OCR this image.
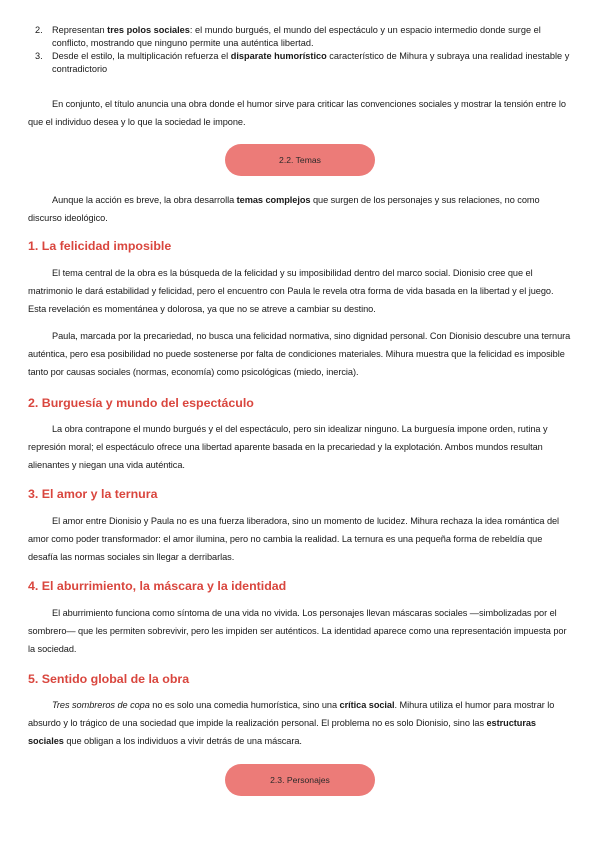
2. Representan tres polos sociales: el mundo burgués, el mundo del espectáculo y un espacio intermedio donde surge el conflicto, mostrando que ninguno permite una auténtica libertad.
3. Desde el estilo, la multiplicación refuerza el disparate humorístico característico de Mihura y subraya una realidad inestable y contradictorio

En conjunto, el título anuncia una obra donde el humor sirve para criticar las convenciones sociales y mostrar la tensión entre lo que el individuo desea y lo que la sociedad le impone.

2.2. Temas

Aunque la acción es breve, la obra desarrolla temas complejos que surgen de los personajes y sus relaciones, no como discurso ideológico.

1. La felicidad imposible

El tema central de la obra es la búsqueda de la felicidad y su imposibilidad dentro del marco social. Dionisio cree que el matrimonio le dará estabilidad y felicidad, pero el encuentro con Paula le revela otra forma de vida basada en la libertad y el juego. Esta revelación es momentánea y dolorosa, ya que no se atreve a cambiar su destino.

Paula, marcada por la precariedad, no busca una felicidad normativa, sino dignidad personal. Con Dionisio descubre una ternura auténtica, pero esa posibilidad no puede sostenerse por falta de condiciones materiales. Mihura muestra que la felicidad es imposible tanto por causas sociales (normas, economía) como psicológicas (miedo, inercia).

2. Burguesía y mundo del espectáculo

La obra contrapone el mundo burgués y el del espectáculo, pero sin idealizar ninguno. La burguesía impone orden, rutina y represión moral; el espectáculo ofrece una libertad aparente basada en la precariedad y la explotación. Ambos mundos resultan alienantes y niegan una vida auténtica.

3. El amor y la ternura

El amor entre Dionisio y Paula no es una fuerza liberadora, sino un momento de lucidez. Mihura rechaza la idea romántica del amor como poder transformador: el amor ilumina, pero no cambia la realidad. La ternura es una pequeña forma de rebeldía que desafía las normas sociales sin llegar a derribarlas.

4. El aburrimiento, la máscara y la identidad

El aburrimiento funciona como síntoma de una vida no vivida. Los personajes llevan máscaras sociales —simbolizadas por el sombrero— que les permiten sobrevivir, pero les impiden ser auténticos. La identidad aparece como una representación impuesta por la sociedad.

5. Sentido global de la obra

Tres sombreros de copa no es solo una comedia humorística, sino una crítica social. Mihura utiliza el humor para mostrar lo absurdo y lo trágico de una sociedad que impide la realización personal. El problema no es solo Dionisio, sino las estructuras sociales que obligan a los individuos a vivir detrás de una máscara.

2.3. Personajes
